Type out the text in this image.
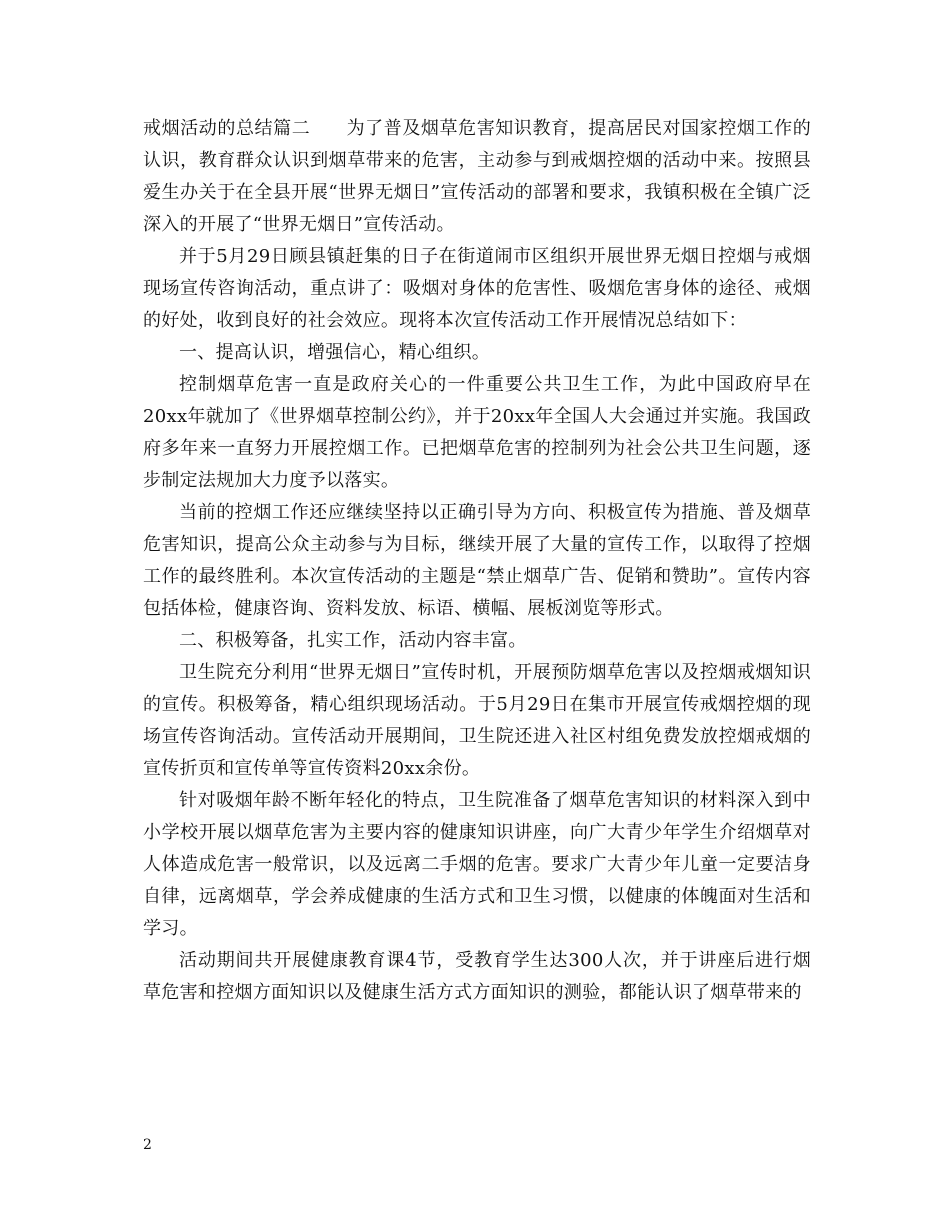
戒烟活动的总结篇二 为了普及烟草危害知识教育，提高居民对国家控烟工作的认识，教育群众认识到烟草带来的危害，主动参与到戒烟控烟的活动中来。按照县爱生办关于在全县开展“世界无烟日”宣传活动的部署和要求，我镇积极在全镇广泛深入的开展了“世界无烟日”宣传活动。

并于5月29日顾县镇赶集的日子在街道闹市区组织开展世界无烟日控烟与戒烟现场宣传咨询活动，重点讲了：吸烟对身体的危害性、吸烟危害身体的途径、戒烟的好处，收到良好的社会效应。现将本次宣传活动工作开展情况总结如下：

一、提高认识，增强信心，精心组织。

控制烟草危害一直是政府关心的一件重要公共卫生工作，为此中国政府早在20xx年就加了《世界烟草控制公约》，并于20xx年全国人大会通过并实施。我国政府多年来一直努力开展控烟工作。已把烟草危害的控制列为社会公共卫生问题，逐步制定法规加大力度予以落实。

当前的控烟工作还应继续坚持以正确引导为方向、积极宣传为措施、普及烟草危害知识，提高公众主动参与为目标，继续开展了大量的宣传工作，以取得了控烟工作的最终胜利。本次宣传活动的主题是“禁止烟草广告、促销和赞助”。宣传内容包括体检，健康咨询、资料发放、标语、横幅、展板浏览等形式。

二、积极筹备，扎实工作，活动内容丰富。

卫生院充分利用“世界无烟日”宣传时机，开展预防烟草危害以及控烟戒烟知识的宣传。积极筹备，精心组织现场活动。于5月29日在集市开展宣传戒烟控烟的现场宣传咨询活动。宣传活动开展期间，卫生院还进入社区村组免费发放控烟戒烟的宣传折页和宣传单等宣传资料20xx余份。

针对吸烟年龄不断年轻化的特点，卫生院准备了烟草危害知识的材料深入到中小学校开展以烟草危害为主要内容的健康知识讲座，向广大青少年学生介绍烟草对人体造成危害一般常识，以及远离二手烟的危害。要求广大青少年儿童一定要洁身自律，远离烟草，学会养成健康的生活方式和卫生习惯，以健康的体魄面对生活和学习。

活动期间共开展健康教育课4节，受教育学生达300人次，并于讲座后进行烟草危害和控烟方面知识以及健康生活方式方面知识的测验，都能认识了烟草带来的

2
